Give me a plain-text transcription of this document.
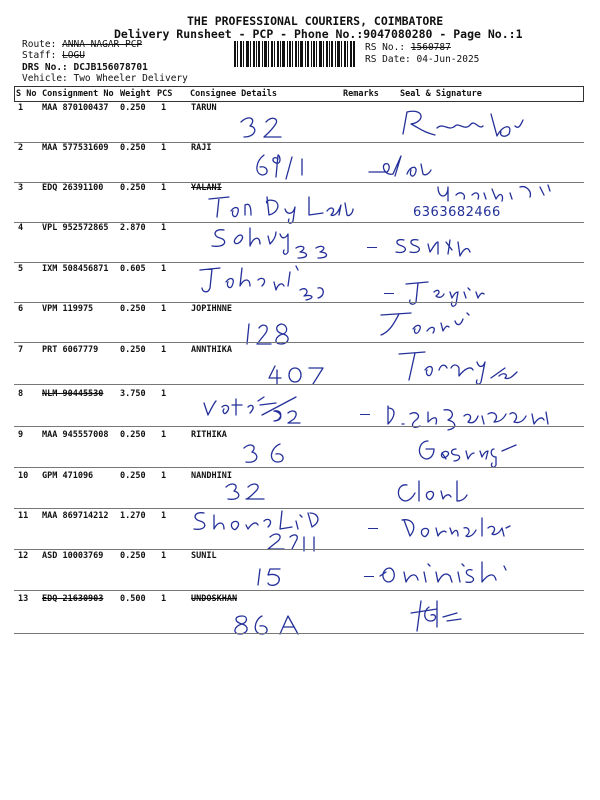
THE PROFESSIONAL COURIERS, COIMBATORE
Delivery Runsheet - PCP - Phone No.:9047080280 - Page No.:1
Route: ANNA NAGAR PCP
Staff: LOGU
DRS No.: DCJB156078701
Vehicle: Two Wheeler Delivery
RS No.: 1560787
RS Date: 04-Jun-2025
S No Consignment No Weight PCS Consignee Details	Remarks Seal & Signature
1 MAA 870100437 0.250 1	TARUN
2 MAA 577531609 0.250 1	RAJI
3 EDQ 26391100 0.250 1	YALANI
6363682466
4 VPL 952572865 2.870 1
5 IXM 508456871 0.605 1
6 VPM 119975	0.250 1	JOPIHNNE
7 PRT 6067779	0.250 1	ANNTHIKA
8 NLM 90445530 3.750 1
9 MAA 945557008 0.250 1	RITHIKA
10 GPM 471096	0.250 1	NANDHINI
11 MAA 869714212 1.270 1
12 ASD 10003769 0.250 1	SUNIL
13 EDQ 21630903 0.500 1	UNDOSKHAN
